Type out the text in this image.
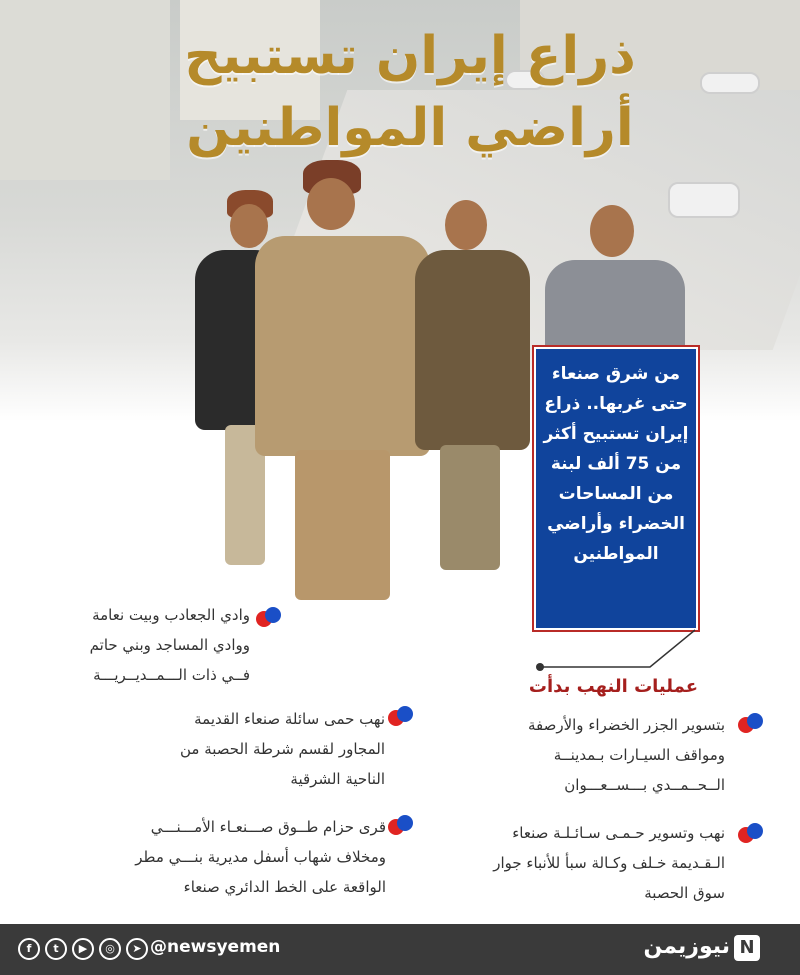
ذراع إيران تستبيح
أراضي المواطنين
من شرق صنعاء حتى غربها.. ذراع إيران تستبيح أكثر من 75 ألف لبنة من المساحات الخضراء وأراضي المواطنين
عمليات النهب بدأت
بتسوير الجزر الخضراء والأرصفة ومواقف السيـارات بـمدينــة الــحــمــدي بـــســعـــوان
نهب وتسوير حـمـى سـائـلـة صنعاء الـقـديمة خـلف وكـالة سبأ للأنباء جوار سوق الحصبة
وادي الجعادب وبيت نعامة ووادي المساجد وبني حاتم فــي ذات الـــمــديــريـــة
نهب حمى سائلة صنعاء القديمة المجاور لقسم شرطة الحصبة من الناحية الشرقية
قرى حزام طــوق صـــنعـاء الأمـــنـــي ومخلاف شهاب أسفل مديرية بنـــي مطر الواقعة على الخط الدائري صنعاء
f	t	▶	◎	➤ @newsyemen	نيوزيمن N
